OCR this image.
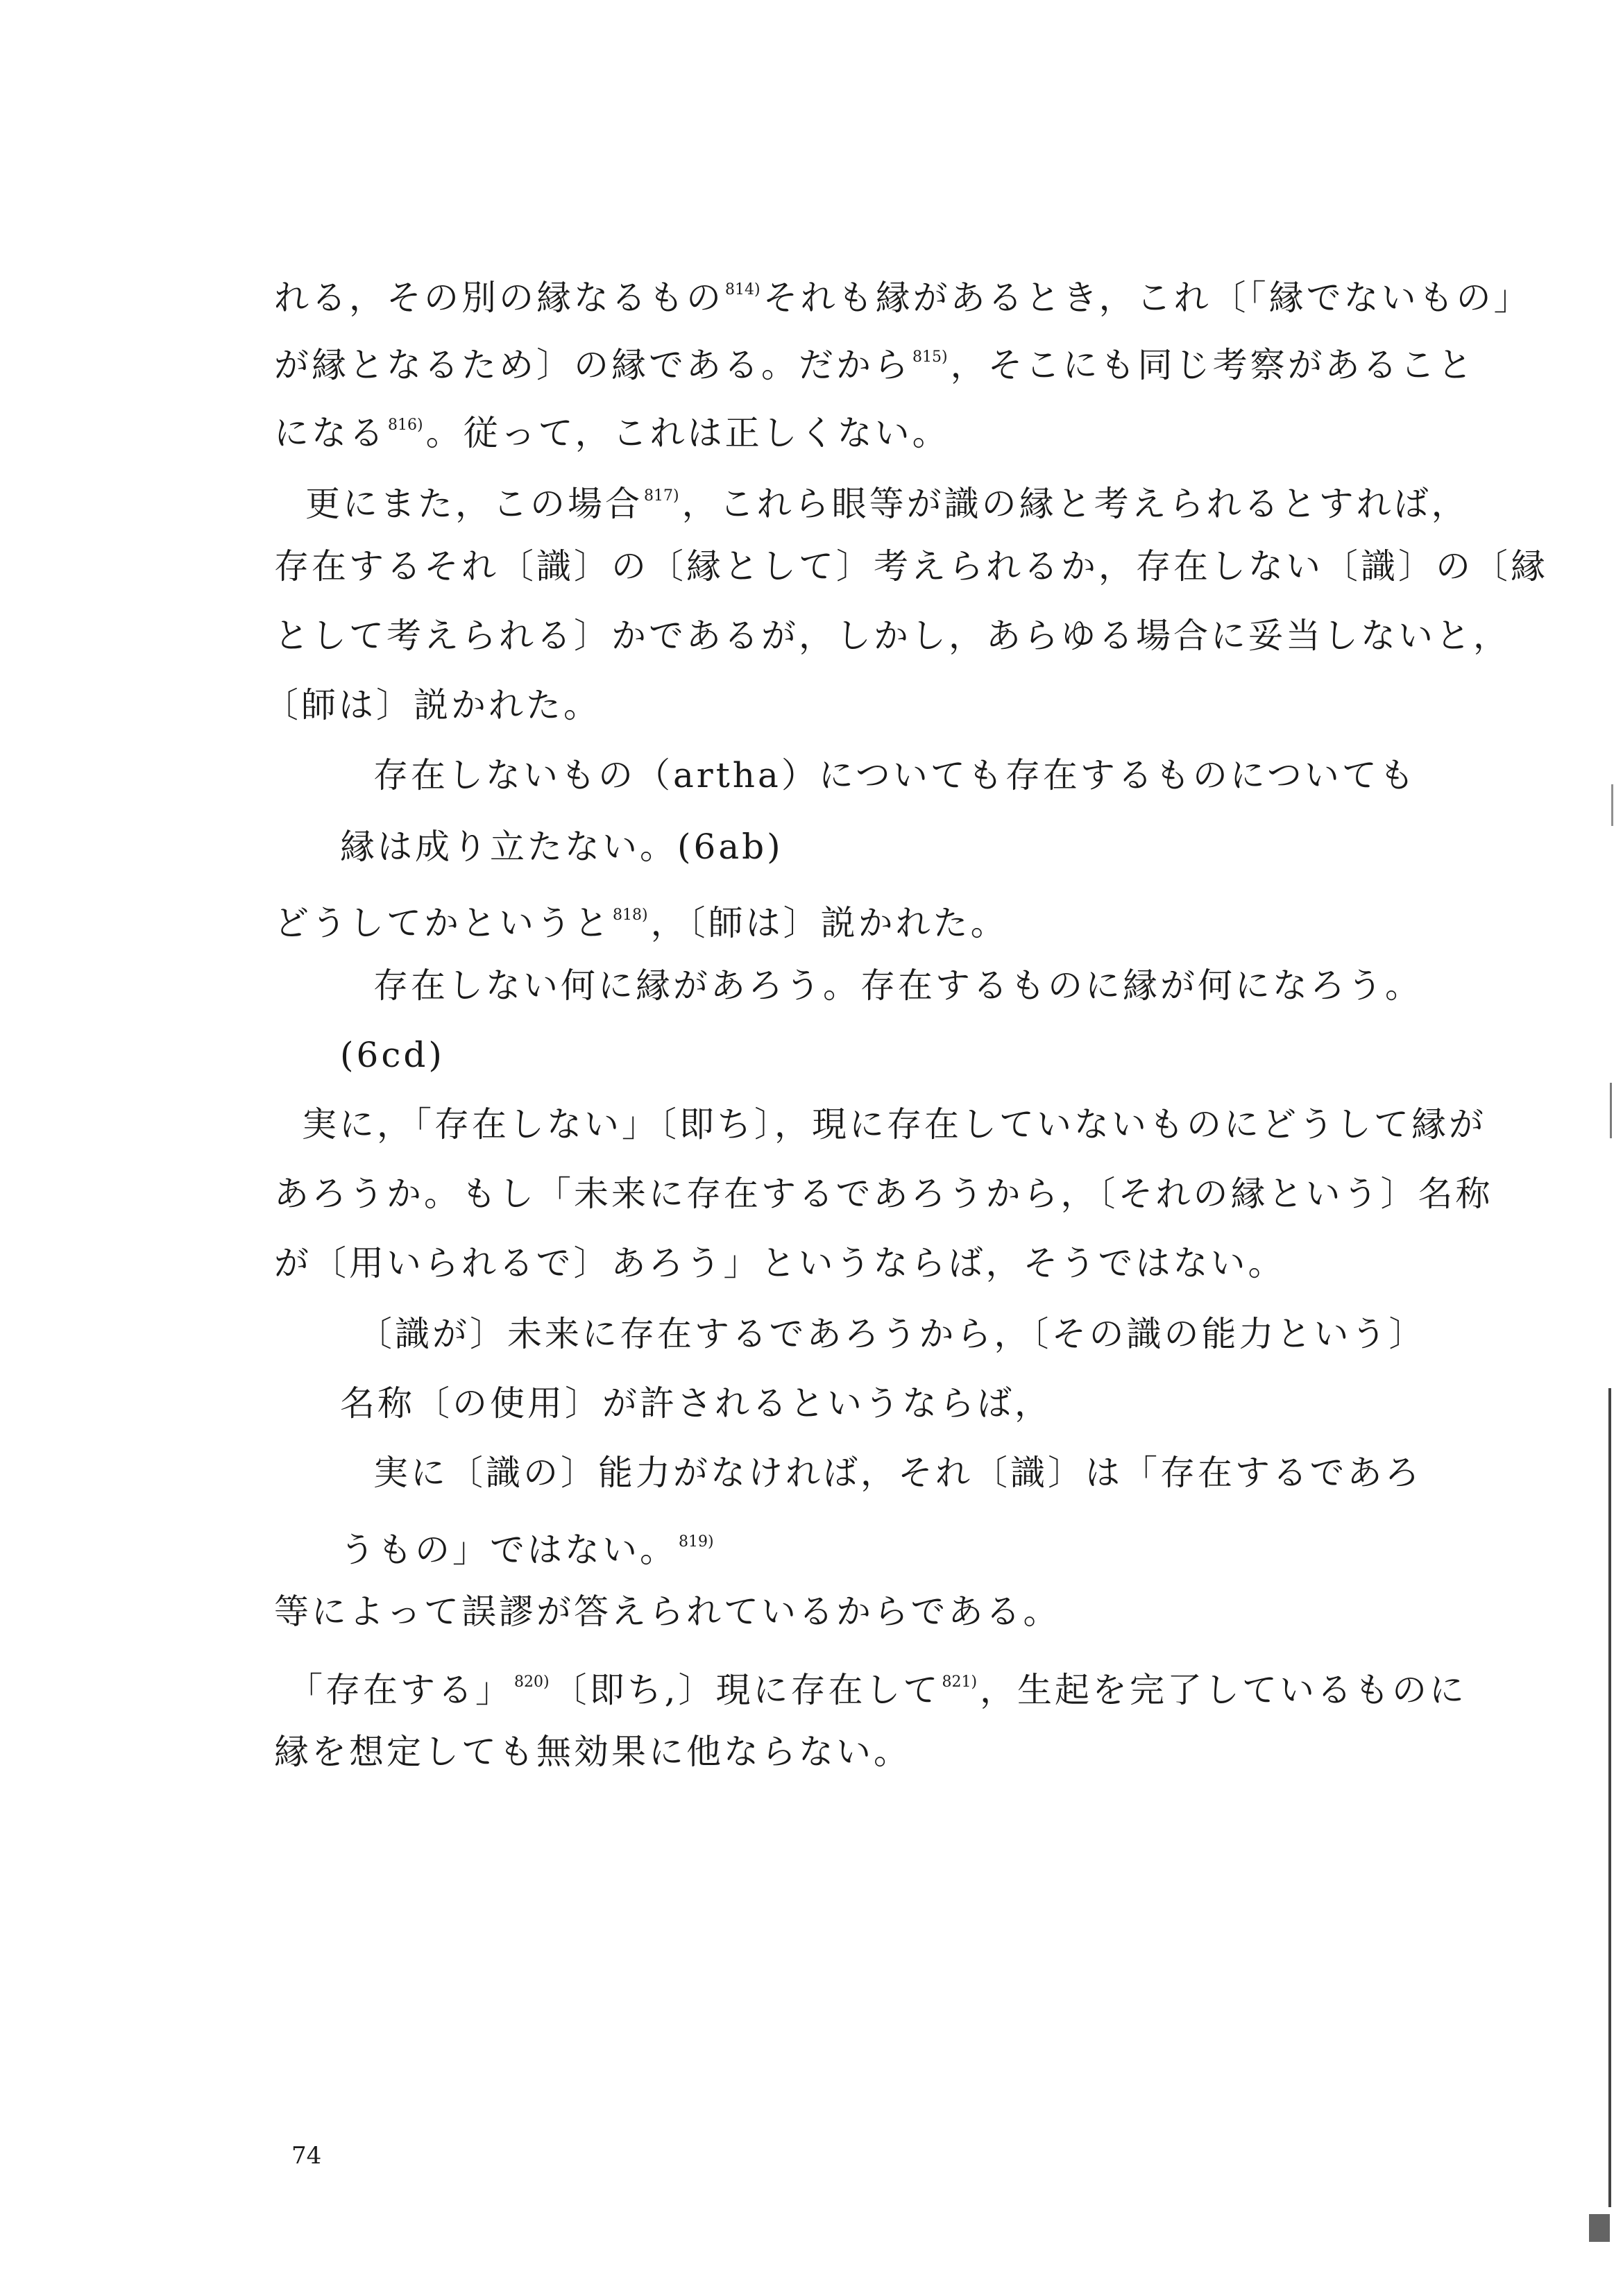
れる，その別の縁なるもの$^{814)}$それも縁があるとき，これ〔「縁でないもの」
が縁となるため〕の縁である。だから$^{815)}$，そこにも同じ考察があること
になる$^{816)}$。従って，これは正しくない。
更にまた，この場合$^{817)}$，これら眼等が識の縁と考えられるとすれば，
存在するそれ〔識〕の〔縁として〕考えられるか，存在しない〔識〕の〔縁
として考えられる〕かであるが，しかし，あらゆる場合に妥当しないと，
〔師は〕説かれた。
存在しないもの（artha）についても存在するものについても
縁は成り立たない。(6ab)
どうしてかというと$^{818)}$，〔師は〕説かれた。
存在しない何に縁があろう。存在するものに縁が何になろう。
(6cd)
実に，「存在しない」〔即ち〕，現に存在していないものにどうして縁が
あろうか。もし「未来に存在するであろうから，〔それの縁という〕名称
が〔用いられるで〕あろう」というならば，そうではない。
〔識が〕未来に存在するであろうから，〔その識の能力という〕
名称〔の使用〕が許されるというならば，
実に〔識の〕能力がなければ，それ〔識〕は「存在するであろ
うもの」ではない。$^{819)}$
等によって誤謬が答えられているからである。
「存在する」$^{820)}$〔即ち,〕現に存在して$^{821)}$，生起を完了しているものに
縁を想定しても無効果に他ならない。
74
